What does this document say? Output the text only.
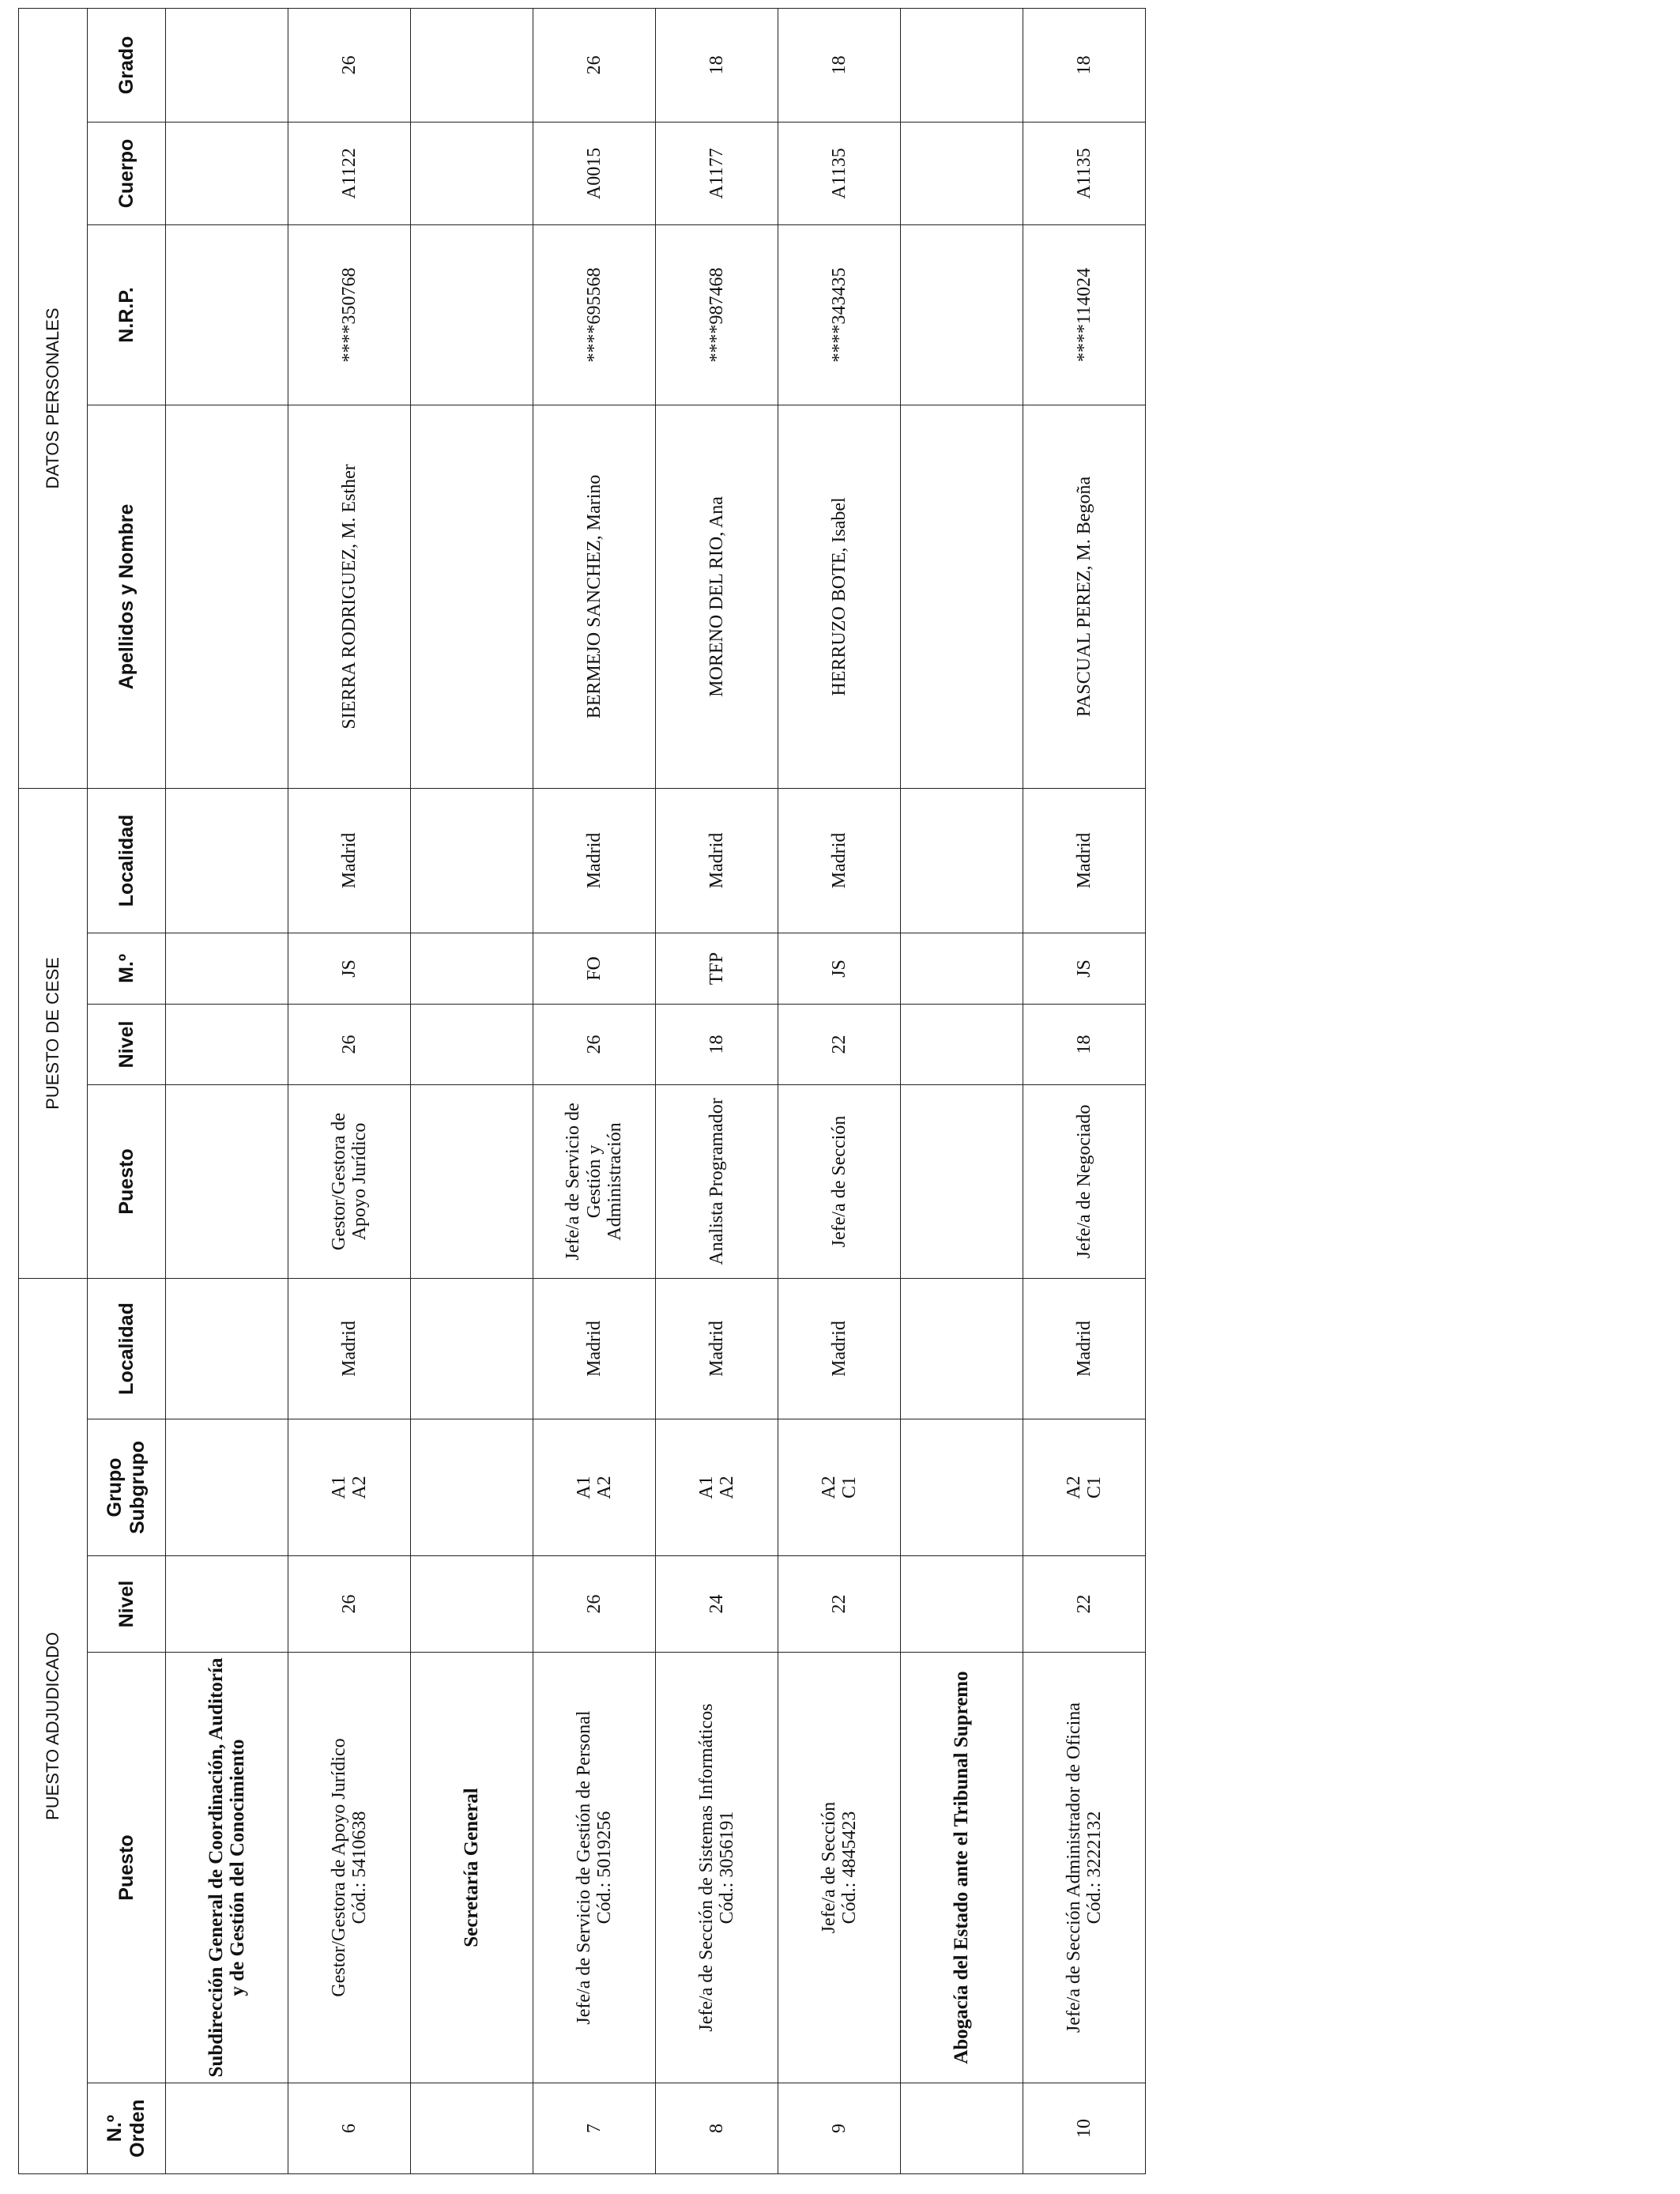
PUESTO ADJUDICADO					PUESTO DE CESE				DATOS PERSONALES			
N.º Orden	Puesto	Nivel	Grupo Subgrupo	Localidad	Puesto	Nivel	M.º	Localidad	Apellidos y Nombre	N.R.P.	Cuerpo	Grado
	Subdirección General de Coordinación, Auditoría y de Gestión del Conocimiento											
6	Gestor/Gestora de Apoyo Jurídico Cód.: 5410638	26	A1 A2	Madrid	Gestor/Gestora de Apoyo Jurídico	26	JS	Madrid	SIERRA RODRIGUEZ, M. Esther	****350768	A1122	26
	Secretaría General											
7	Jefe/a de Servicio de Gestión de Personal Cód.: 5019256	26	A1 A2	Madrid	Jefe/a de Servicio de Gestión y Administración	26	FO	Madrid	BERMEJO SANCHEZ, Marino	****695568	A0015	26
8	Jefe/a de Sección de Sistemas Informáticos Cód.: 3056191	24	A1 A2	Madrid	Analista Programador	18	TFP	Madrid	MORENO DEL RIO, Ana	****987468	A1177	18
9	Jefe/a de Sección Cód.: 4845423	22	A2 C1	Madrid	Jefe/a de Sección	22	JS	Madrid	HERRUZO BOTE, Isabel	****343435	A1135	18
	Abogacía del Estado ante el Tribunal Supremo											
10	Jefe/a de Sección Administrador de Oficina Cód.: 3222132	22	A2 C1	Madrid	Jefe/a de Negociado	18	JS	Madrid	PASCUAL PEREZ, M. Begoña	****114024	A1135	18
